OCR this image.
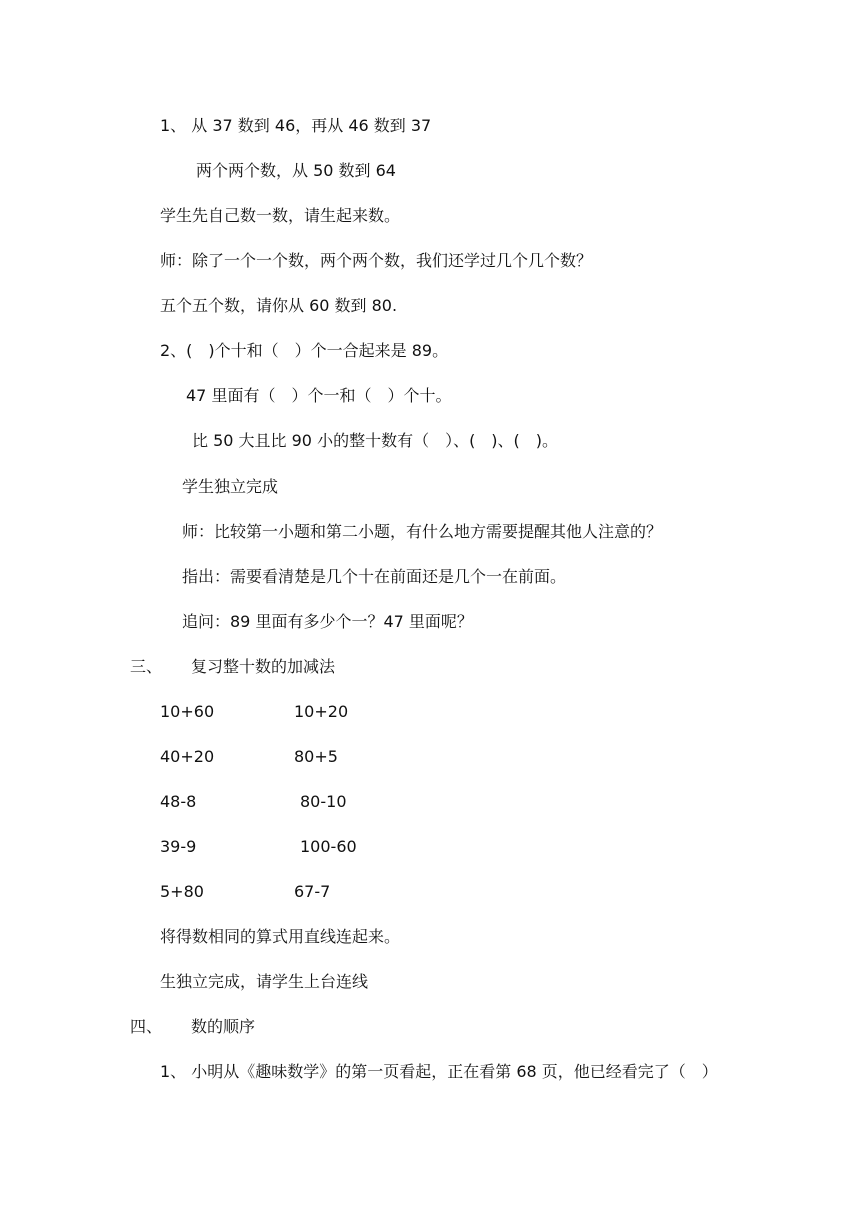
1、 从 37 数到 46，再从 46 数到 37
两个两个数，从 50 数到 64
学生先自己数一数，请生起来数。
师：除了一个一个数，两个两个数，我们还学过几个几个数？
五个五个数，请你从 60 数到 80.
2、(　)个十和（　）个一合起来是 89。
47 里面有（　）个一和（　）个十。
比 50 大且比 90 小的整十数有（　）、(　)、(　)。
学生独立完成
师：比较第一小题和第二小题，有什么地方需要提醒其他人注意的？
指出：需要看清楚是几个十在前面还是几个一在前面。
追问：89 里面有多少个一？47 里面呢？
三、 复习整十数的加减法
10+60	10+20
40+20	80+5
48-8	80-10
39-9	100-60
5+80	67-7
将得数相同的算式用直线连起来。
生独立完成，请学生上台连线
四、 数的顺序
1、 小明从《趣味数学》的第一页看起，正在看第 68 页，他已经看完了（　）
